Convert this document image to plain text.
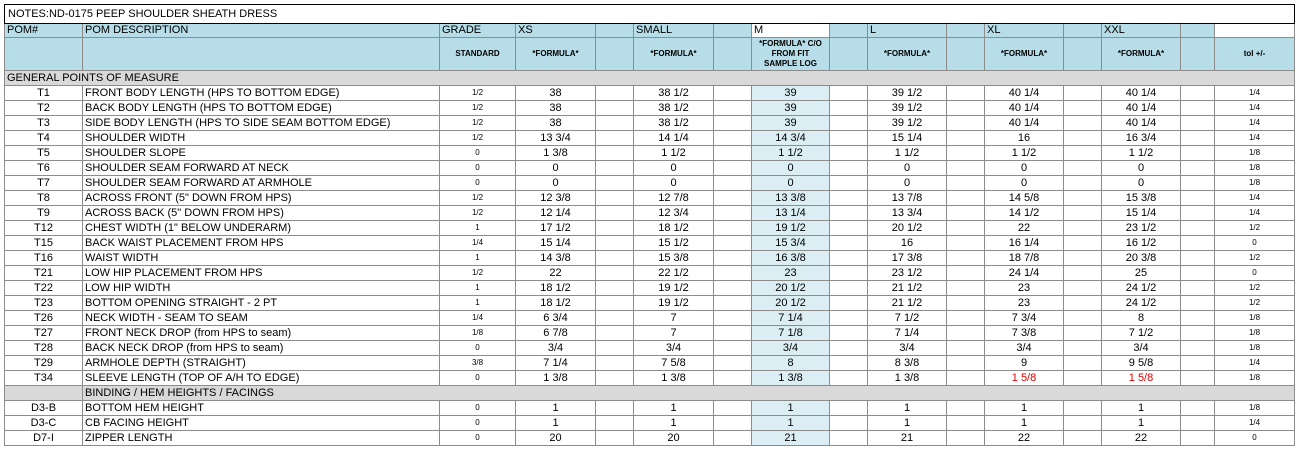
NOTES:ND-0175 PEEP SHOULDER SHEATH DRESS															
POM#	POM DESCRIPTION	GRADE	XS		SMALL		M		L		XL		XXL		
		STANDARD	*FORMULA*		*FORMULA*		*FORMULA* C/O FROM FIT SAMPLE LOG		*FORMULA*		*FORMULA*		*FORMULA*		tol +/-
GENERAL POINTS OF MEASURE															
T1	FRONT BODY LENGTH (HPS TO BOTTOM EDGE)	1/2	38		38 1/2		39		39 1/2		40 1/4		40 1/4		1/4
T2	BACK BODY LENGTH (HPS TO BOTTOM EDGE)	1/2	38		38 1/2		39		39 1/2		40 1/4		40 1/4		1/4
T3	SIDE BODY LENGTH (HPS TO SIDE SEAM BOTTOM EDGE)	1/2	38		38 1/2		39		39 1/2		40 1/4		40 1/4		1/4
T4	SHOULDER WIDTH	1/2	13 3/4		14 1/4		14 3/4		15 1/4		16		16 3/4		1/4
T5	SHOULDER SLOPE	0	1 3/8		1 1/2		1 1/2		1 1/2		1 1/2		1 1/2		1/8
T6	SHOULDER SEAM FORWARD AT NECK	0	0		0		0		0		0		0		1/8
T7	SHOULDER SEAM FORWARD AT ARMHOLE	0	0		0		0		0		0		0		1/8
T8	ACROSS FRONT (5" DOWN FROM HPS)	1/2	12 3/8		12 7/8		13 3/8		13 7/8		14 5/8		15 3/8		1/4
T9	ACROSS BACK (5" DOWN FROM HPS)	1/2	12 1/4		12 3/4		13 1/4		13 3/4		14 1/2		15 1/4		1/4
T12	CHEST WIDTH (1" BELOW UNDERARM)	1	17 1/2		18 1/2		19 1/2		20 1/2		22		23 1/2		1/2
T15	BACK WAIST PLACEMENT FROM HPS	1/4	15 1/4		15 1/2		15 3/4		16		16 1/4		16 1/2		0
T16	WAIST WIDTH	1	14 3/8		15 3/8		16 3/8		17 3/8		18 7/8		20 3/8		1/2
T21	LOW HIP PLACEMENT FROM HPS	1/2	22		22 1/2		23		23 1/2		24 1/4		25		0
T22	LOW HIP WIDTH	1	18 1/2		19 1/2		20 1/2		21 1/2		23		24 1/2		1/2
T23	BOTTOM OPENING STRAIGHT - 2 PT	1	18 1/2		19 1/2		20 1/2		21 1/2		23		24 1/2		1/2
T26	NECK WIDTH - SEAM TO SEAM	1/4	6 3/4		7		7 1/4		7 1/2		7 3/4		8		1/8
T27	FRONT NECK DROP (from HPS to seam)	1/8	6 7/8		7		7 1/8		7 1/4		7 3/8		7 1/2		1/8
T28	BACK NECK DROP (from HPS to seam)	0	3/4		3/4		3/4		3/4		3/4		3/4		1/8
T29	ARMHOLE DEPTH (STRAIGHT)	3/8	7 1/4		7 5/8		8		8 3/8		9		9 5/8		1/4
T34	SLEEVE LENGTH (TOP OF A/H TO EDGE)	0	1 3/8		1 3/8		1 3/8		1 3/8		1 5/8		1 5/8		1/8
	BINDING / HEM HEIGHTS / FACINGS														
D3-B	BOTTOM HEM HEIGHT	0	1		1		1		1		1		1		1/8
D3-C	CB FACING HEIGHT	0	1		1		1		1		1		1		1/4
D7-I	ZIPPER LENGTH	0	20		20		21		21		22		22		0
